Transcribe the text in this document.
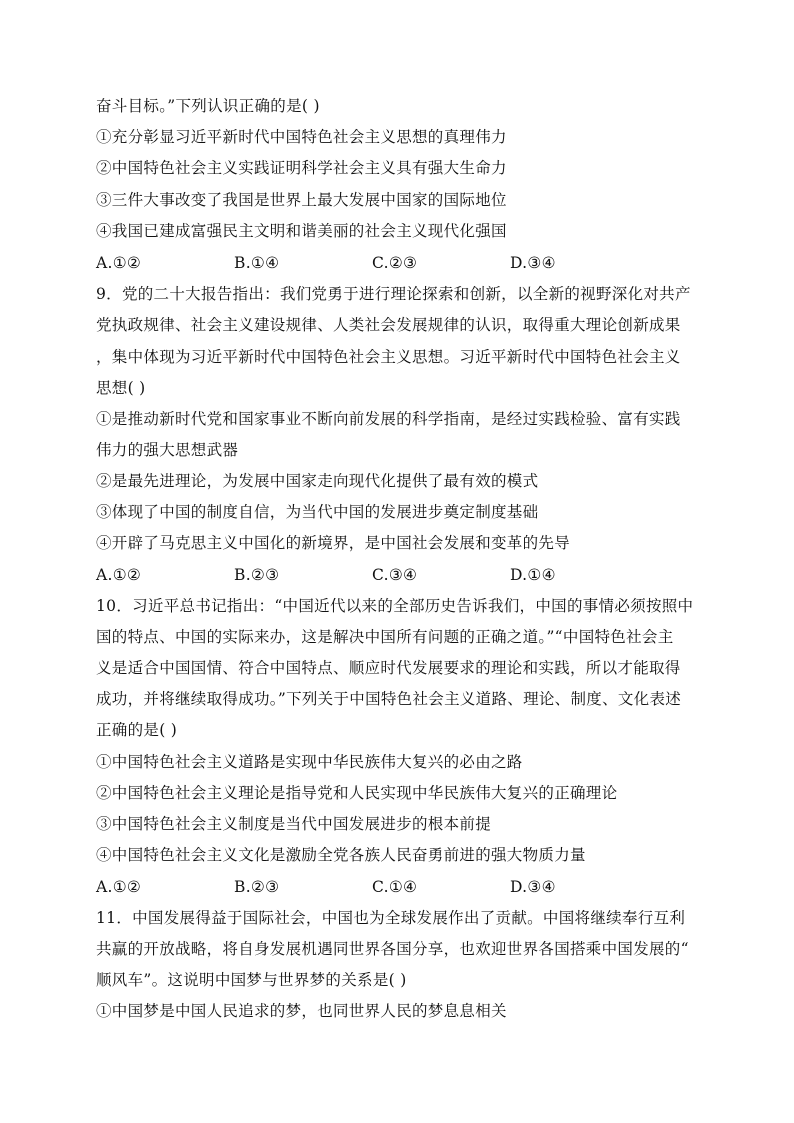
奋斗目标。”下列认识正确的是( )
①充分彰显习近平新时代中国特色社会主义思想的真理伟力
②中国特色社会主义实践证明科学社会主义具有强大生命力
③三件大事改变了我国是世界上最大发展中国家的国际地位
④我国已建成富强民主文明和谐美丽的社会主义现代化强国
A.①②	B.①④	C.②③	D.③④
9．党的二十大报告指出：我们党勇于进行理论探索和创新，以全新的视野深化对共产
党执政规律、社会主义建设规律、人类社会发展规律的认识，取得重大理论创新成果
，集中体现为习近平新时代中国特色社会主义思想。习近平新时代中国特色社会主义
思想( )
①是推动新时代党和国家事业不断向前发展的科学指南，是经过实践检验、富有实践
伟力的强大思想武器
②是最先进理论，为发展中国家走向现代化提供了最有效的模式
③体现了中国的制度自信，为当代中国的发展进步奠定制度基础
④开辟了马克思主义中国化的新境界，是中国社会发展和变革的先导
A.①②	B.②③	C.③④	D.①④
10．习近平总书记指出：“中国近代以来的全部历史告诉我们，中国的事情必须按照中
国的特点、中国的实际来办，这是解决中国所有问题的正确之道。”“中国特色社会主
义是适合中国国情、符合中国特点、顺应时代发展要求的理论和实践，所以才能取得
成功，并将继续取得成功。”下列关于中国特色社会主义道路、理论、制度、文化表述
正确的是( )
①中国特色社会主义道路是实现中华民族伟大复兴的必由之路
②中国特色社会主义理论是指导党和人民实现中华民族伟大复兴的正确理论
③中国特色社会主义制度是当代中国发展进步的根本前提
④中国特色社会主义文化是激励全党各族人民奋勇前进的强大物质力量
A.①②	B.②③	C.①④	D.③④
11．中国发展得益于国际社会，中国也为全球发展作出了贡献。中国将继续奉行互利
共赢的开放战略，将自身发展机遇同世界各国分享，也欢迎世界各国搭乘中国发展的“
顺风车”。这说明中国梦与世界梦的关系是( )
①中国梦是中国人民追求的梦，也同世界人民的梦息息相关
